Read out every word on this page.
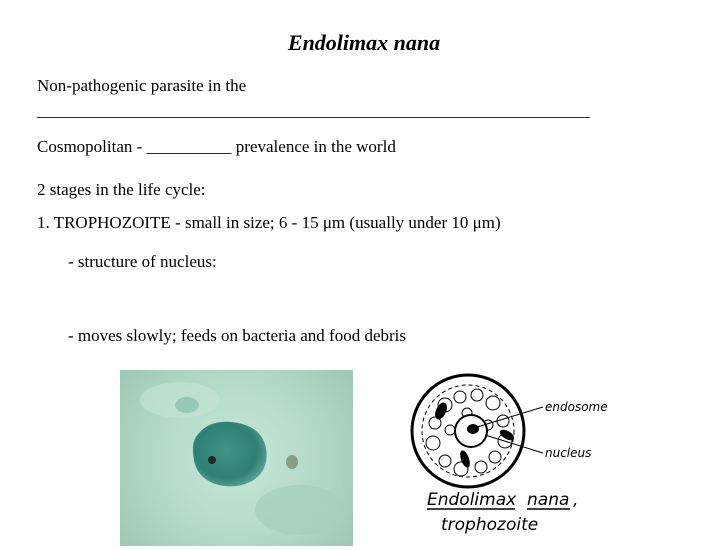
Endolimax nana
Non-pathogenic parasite in the
_________________________________________________________________
Cosmopolitan - __________ prevalence in the world
2 stages in the life cycle:
1. TROPHOZOITE - small in size; 6 - 15 μm (usually under 10 μm)
- structure of nucleus:
- moves slowly; feeds on bacteria and food debris
endosome
nucleus
Endolimax nana ,
trophozoite
